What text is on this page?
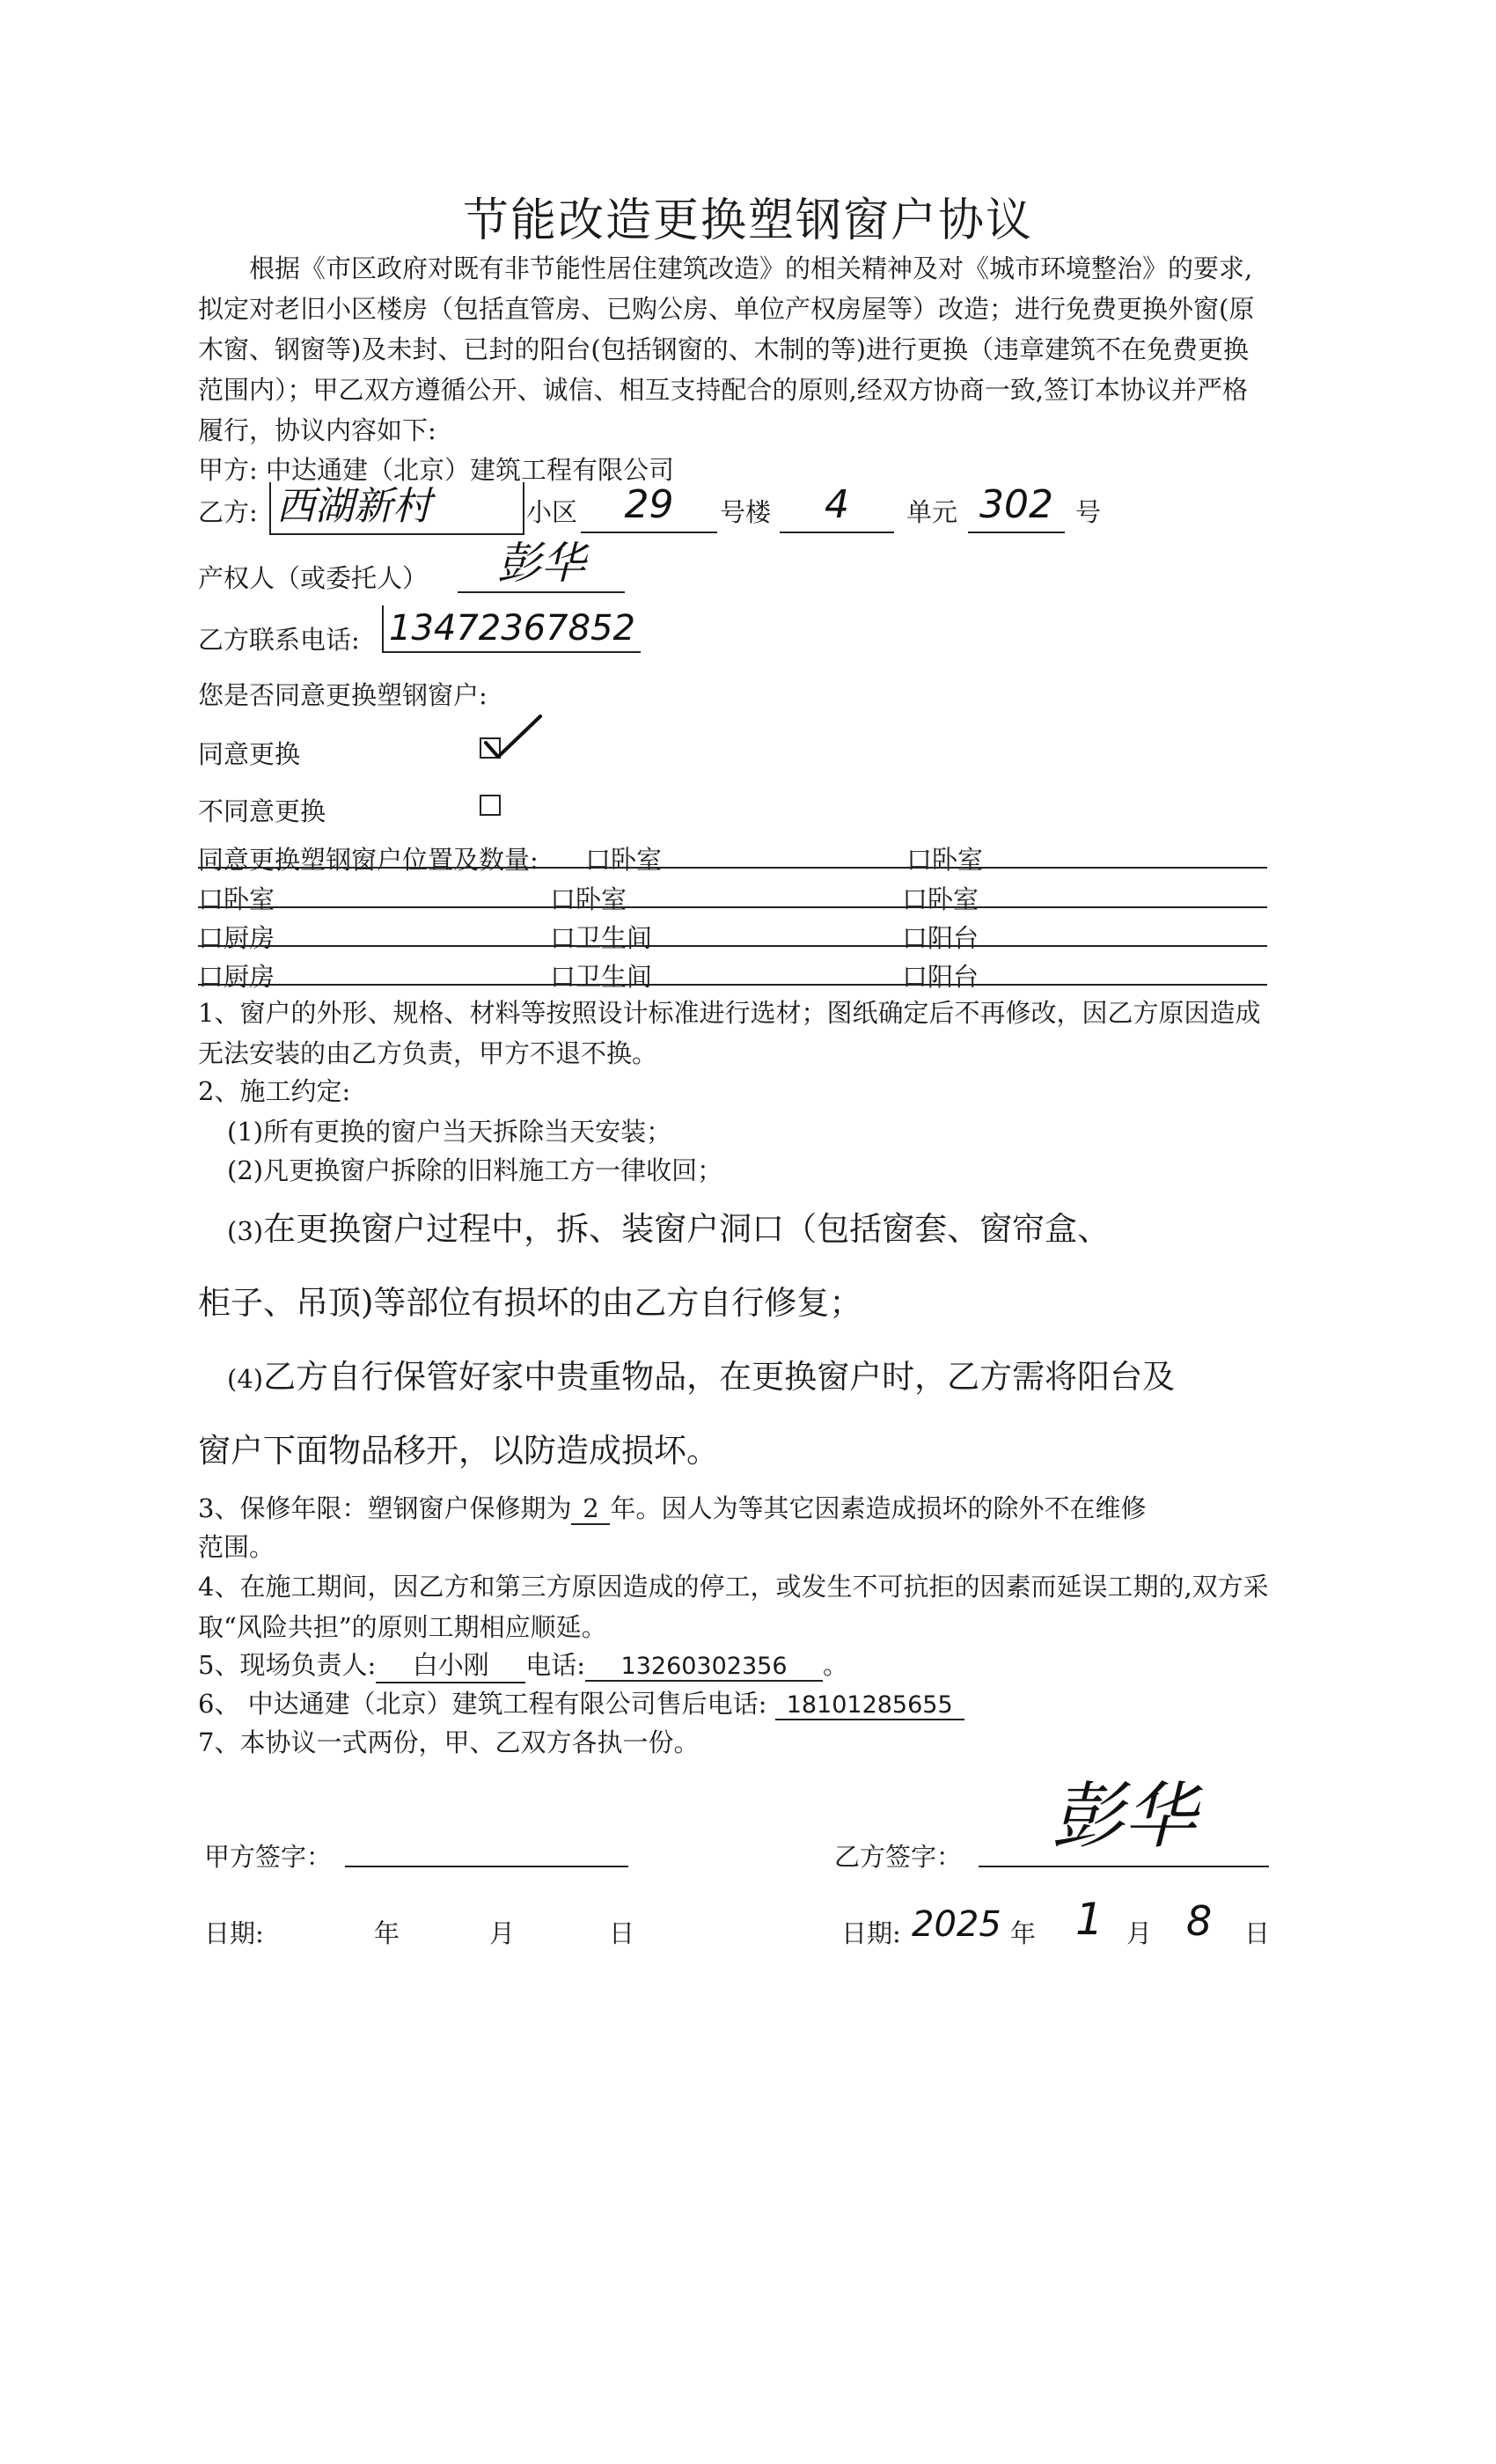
节能改造更换塑钢窗户协议
根据《市区政府对既有非节能性居住建筑改造》的相关精神及对《城市环境整治》的要求,拟定对老旧小区楼房（包括直管房、已购公房、单位产权房屋等）改造；进行免费更换外窗(原木窗、钢窗等)及未封、已封的阳台(包括钢窗的、木制的等)进行更换（违章建筑不在免费更换范围内）；甲乙双方遵循公开、诚信、相互支持配合的原则,经双方协商一致,签订本协议并严格履行，协议内容如下:
甲方: 中达通建（北京）建筑工程有限公司
乙方: 西湖新村	小区	29	号楼	4	单元 302 号
产权人（或委托人）	彭华
乙方联系电话: 13472367852
您是否同意更换塑钢窗户:
同意更换
不同意更换
同意更换塑钢窗户位置及数量: 口卧室	口卧室
口卧室	口卧室	口卧室
口厨房	口卫生间	口阳台
口厨房	口卫生间	口阳台
1、窗户的外形、规格、材料等按照设计标准进行选材；图纸确定后不再修改，因乙方原因造成无法安装的由乙方负责，甲方不退不换。
2、施工约定:
(1)所有更换的窗户当天拆除当天安装；
(2)凡更换窗户拆除的旧料施工方一律收回；
(3)在更换窗户过程中，拆、装窗户洞口（包括窗套、窗帘盒、
柜子、吊顶)等部位有损坏的由乙方自行修复；
(4)乙方自行保管好家中贵重物品，在更换窗户时，乙方需将阳台及
窗户下面物品移开，以防造成损坏。
3、保修年限：塑钢窗户保修期为 2 年。因人为等其它因素造成损坏的除外不在维修
范围。
4、在施工期间，因乙方和第三方原因造成的停工，或发生不可抗拒的因素而延误工期的,双方采取“风险共担”的原则工期相应顺延。
5、现场负责人: 白小刚 电话: 13260302356 。
6、 中达通建（北京）建筑工程有限公司售后电话: 18101285655
7、本协议一式两份，甲、乙双方各执一份。
甲方签字：	乙方签字：	彭华
日期:	年	月	日	日期: 2025 年 1 月 8 日
